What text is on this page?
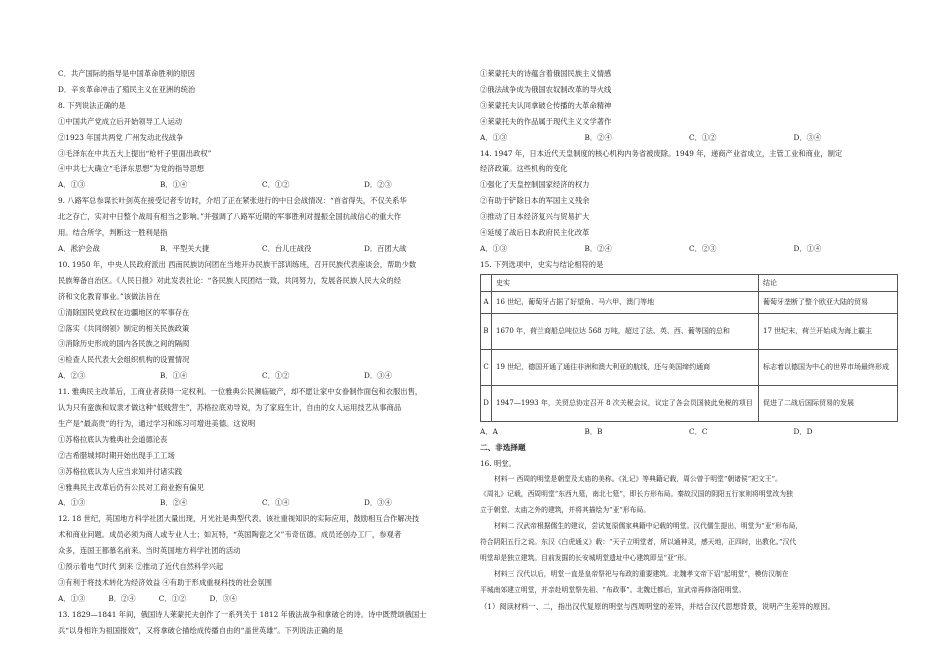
C．共产国际的指导是中国革命胜利的原因
D．辛亥革命冲击了殖民主义在亚洲的统治
8. 下列说法正确的是
①中国共产党成立后开始领导工人运动
②1923 年国共两党 广州发动北伐战争
③毛泽东在中共五大上提出“枪杆子里面出政权”
④中共七大确立“毛泽东思想”为党的指导思想
A．①③	B．①④	C．①②	D．②③
9. 八路军总参谋长叶剑英在接受记者专访时，介绍了正在紧张进行的中日会战情况：“首省得失，不仅关系华
北之存亡，实对中日整个战局有相当之影响。”并强调了八路军近期的军事胜利对提振全国抗战信心的重大作
用。结合所学，判断这一胜利是指
A．淞沪会战	B．平型关大捷	C．台儿庄战役	D．百团大战
10. 1950 年，中央人民政府派出 西南民族访问团在当地开办民族干部训练班，召开民族代表座谈会，帮助少数
民族筹备自治区。《人民日报》对此发表社论：“各民族人民团结一致，共同努力，发展各民族人民大众的经
济和文化教育事业。”该做法旨在
①清除国民党政权在边疆地区的军事存在
②落实《共同纲领》制定的相关民族政策
③消除历史形成的国内各民族之间的隔阂
④检查人民代表大会组织机构的设置情况
A．②③	B．①④	C．①②	D．③④
11. 雅典民主改革后，工商业者获得一定权利。一位雅典公民濒临破产，却不愿让家中女眷制作面包和衣服出售，
认为只有蛮族和奴隶才做这种“低贱营生”，苏格拉底劝导说，为了家庭生计，自由的女人运用技艺从事商品
生产是“最高贵”的行为，通过学习和练习可增进美德。这说明
①苏格拉底认为雅典社会道德沦丧
②古希腊城邦时期开始出现手工工场
③苏格拉底认为人应当求知并付诸实践
④雅典民主改革后仍有公民对工商业抱有偏见
A．①③	B．②④	C．①④	D．③④
12. 18 世纪，英国地方科学社团大量出现，月光社是典型代表。该社重视知识的实际应用，鼓励相互合作解决技
术和商业问题。成员必须为商人或专业人士；如瓦特，“英国陶瓷之父”韦奇伍德。成员还创办工厂，参观者
众多，连国王都慕名前来。当时英国地方科学社团的活动
①预示着电气时代 到来 ②推动了近代自然科学兴起
③有利于将技术转化为经济效益 ④有助于形成重视科技的社会氛围
A．①③          B．②④          C．①②          D．③④
13. 1829—1841 年间，俄国诗人莱蒙托夫创作了一系列关于 1812 年俄法战争和拿破仑的诗。诗中既赞颂俄国士
兵“以身相许为祖国报效”，又将拿破仑描绘成传播自由的“盖世英雄”。下列说法正确的是
①莱蒙托夫的诗蕴含着俄国民族主义情感
②俄法战争成为俄国农奴制改革的导火线
③莱蒙托夫认同拿破仑传播的大革命精神
④莱蒙托夫的作品属于现代主义文学著作
A．①③	B．②④	C．①②	D．③④
14. 1947 年，日本近代天皇制度的核心机构内务省被废除。1949 年，递商产业省成立，主管工业和商业，制定
经济政策。这些机构的变化
①强化了天皇控制国家经济的权力
②有助于铲除日本的军国主义残余
③推动了日本经济复兴与贸易扩大
④延缓了战后日本政府民主化改革
A．①③	B．②④	C．②③	D．①④
15. 下列选项中，史实与结论相符的是
	史实	结论
A	16 世纪，葡萄牙占据了好望角、马六甲、澳门等地	葡萄牙垄断了整个欧亚大陆的贸易
B	1670 年，荷兰商船总吨位达 568 万吨，超过了法、英、西、葡等国的总和	17 世纪末，荷兰开始成为海上霸主
C	19 世纪，德国开通了通往非洲和澳大利亚的航线，还与美国缔约通商	标志着以德国为中心的世界市场最终形成
D	1947—1993 年，关贸总协定召开 8 次关税会议，议定了各会员国彼此免税的项目	促进了二战后国际贸易的发展
A．A	B．B	C．C	D．D
二、非选择题
16. 明堂。
材料一 西周的明堂是朝堂及太庙的美称。《礼记》等典籍记载，周公曾于明堂“朝诸侯”祀文王”。
《周礼》记载，西周明堂“东西九筵，南北七筵”，即长方形布局。秦故汉国的阴阳五行家则将明堂改为独
立于朝堂、太庙之外的建筑，并将其描绘为“亚”形布局。
材料二 汉武帝根据儒生的建议，尝试复原儒家典籍中记载的明堂。汉代儒生提出，明堂为“亚”形布局，
符合阴阳五行之说。东汉《白虎通义》载：“天子立明堂者，所以通神灵，感天地，正四时，出教化。”汉代
明堂却是独立建筑。目前发掘的长安城明堂遗址中心建筑即呈“亚”形。
材料三 汉代以后，明堂一直是皇帝祭祀与布政的重要建筑。北魏孝文帝下诏“起明堂”，模仿汉制在
平城南郊建立明堂，并亲赴明堂祭先祖、“布政事”。北魏迁都后，宣武帝再修洛阳明堂。
（1）阅读材料一、二，指出汉代复原的明堂与西周明堂的差异，并结合汉代思想背景，说明产生差异的原因。
